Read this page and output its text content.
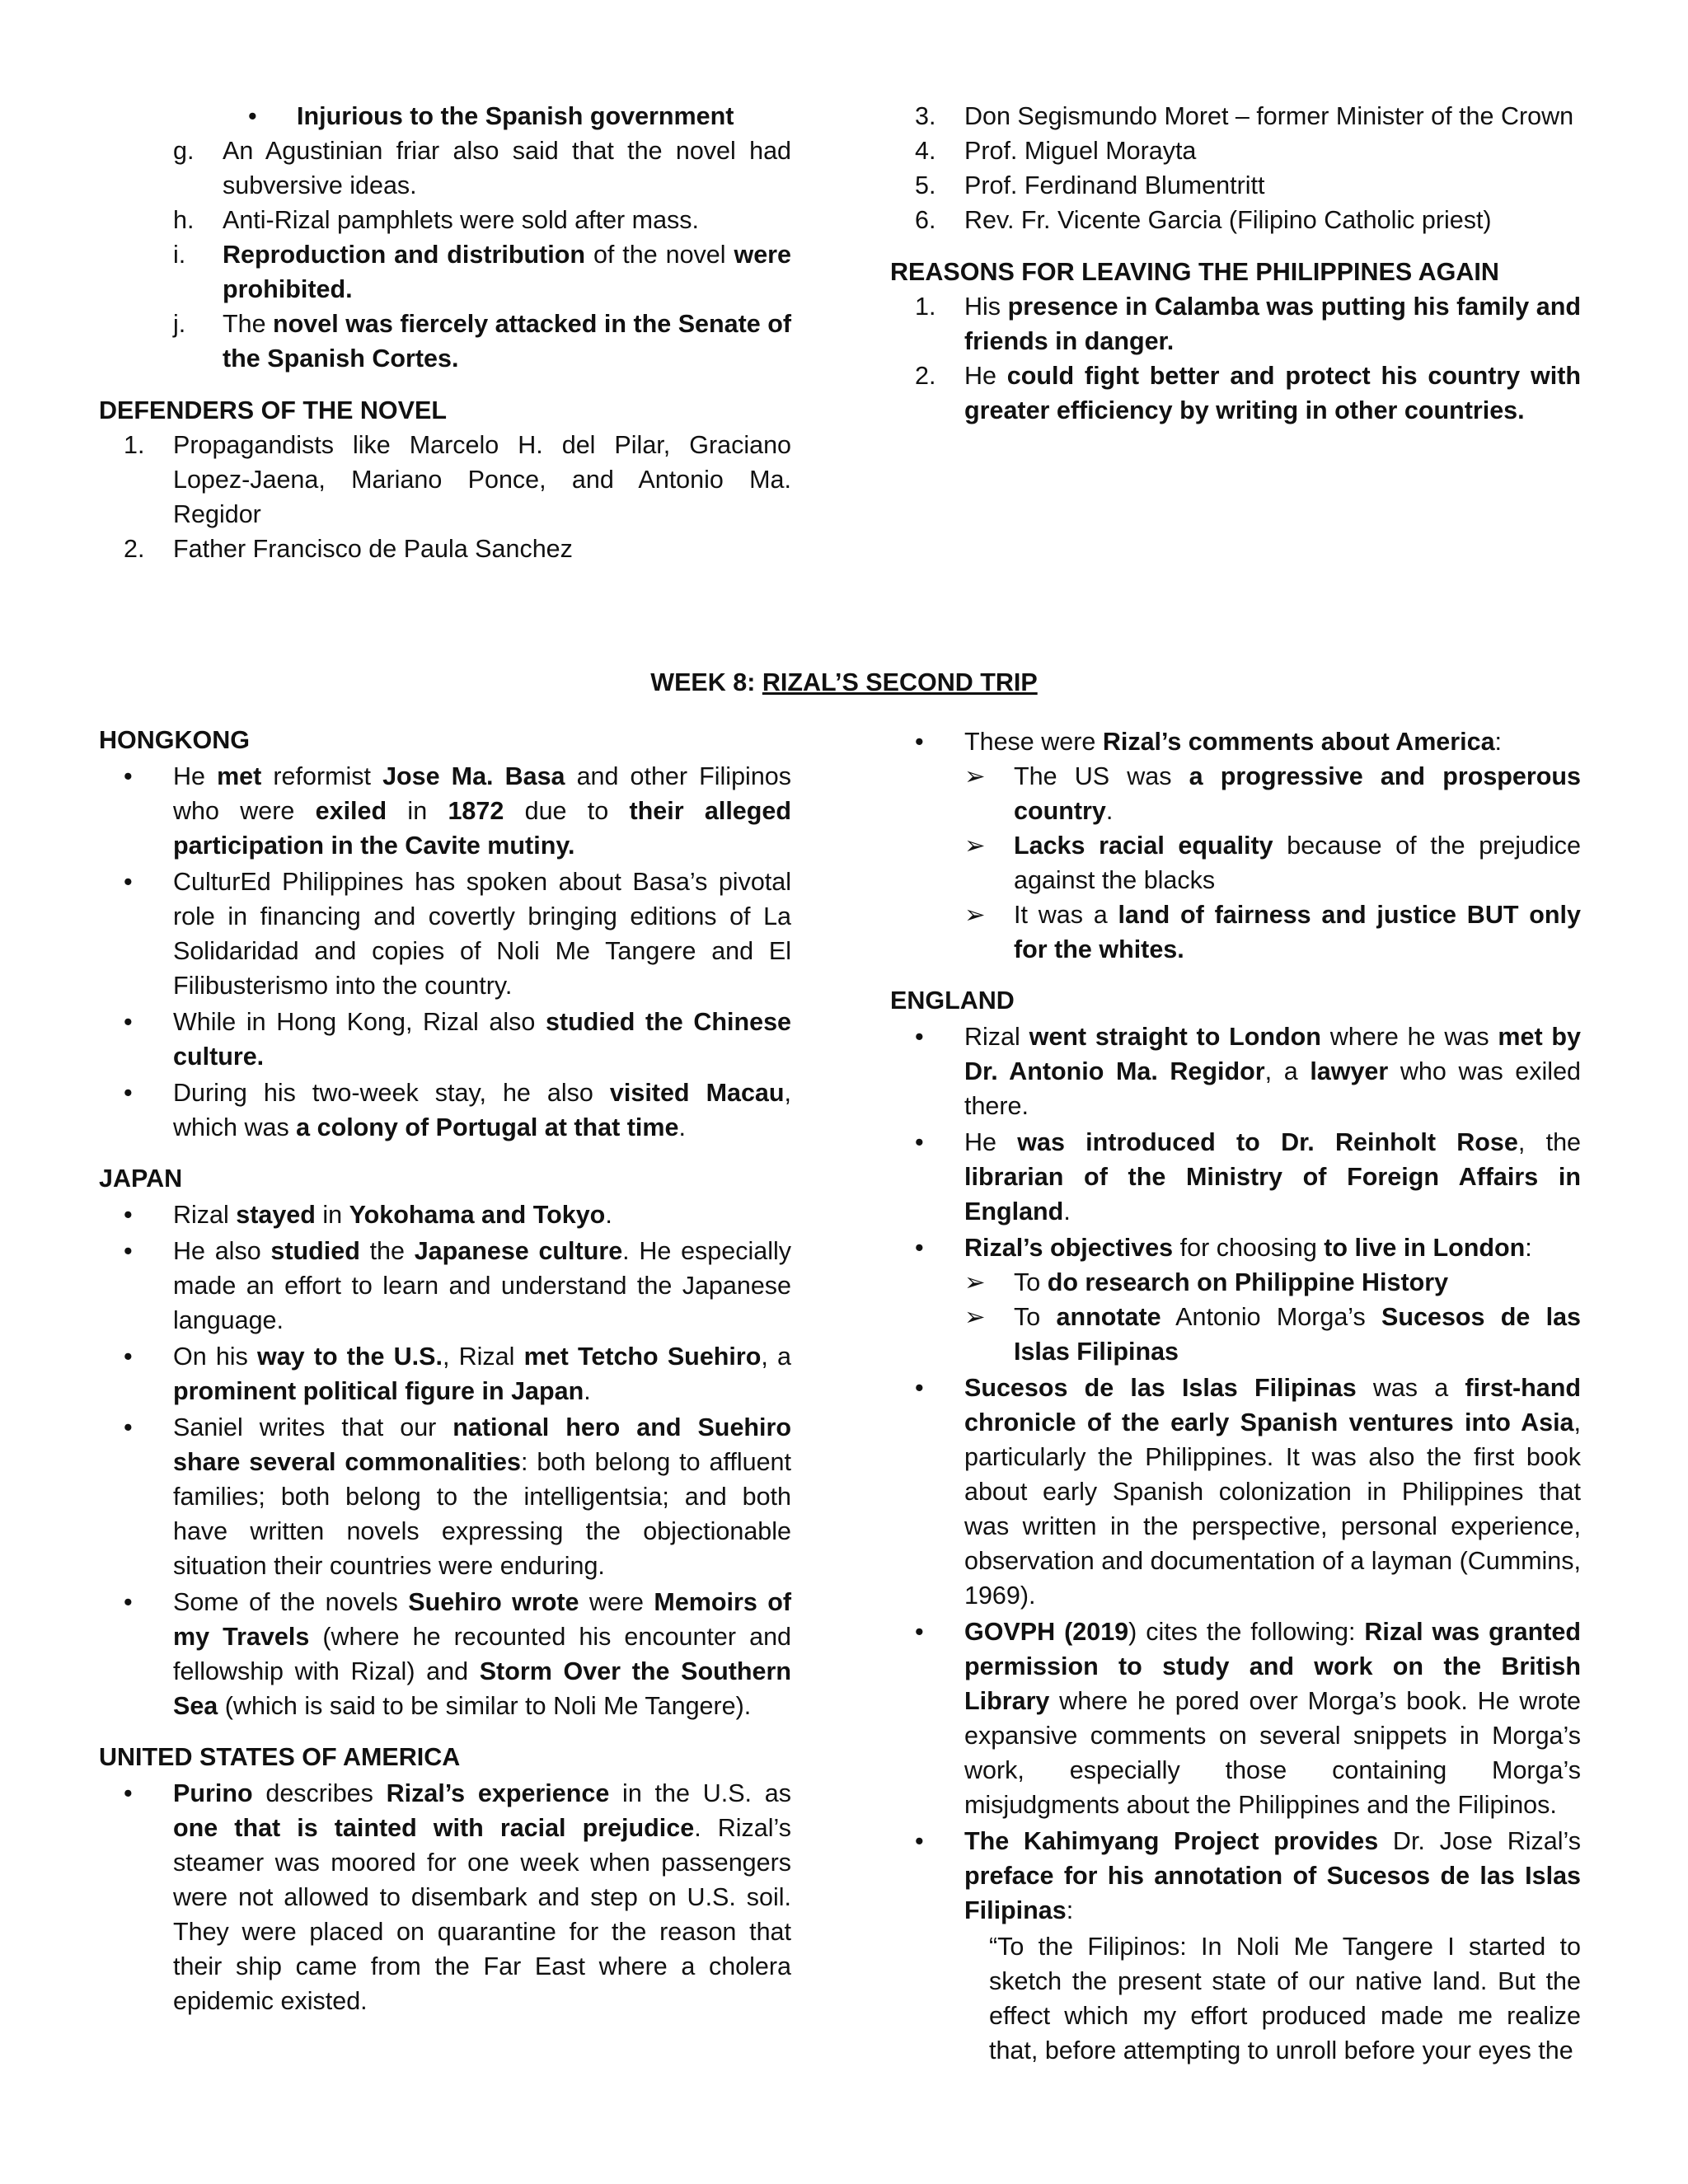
• Injurious to the Spanish government
g. An Agustinian friar also said that the novel had subversive ideas.
h. Anti-Rizal pamphlets were sold after mass.
i. Reproduction and distribution of the novel were prohibited.
j. The novel was fiercely attacked in the Senate of the Spanish Cortes.
DEFENDERS OF THE NOVEL
1. Propagandists like Marcelo H. del Pilar, Graciano Lopez-Jaena, Mariano Ponce, and Antonio Ma. Regidor
2. Father Francisco de Paula Sanchez
3. Don Segismundo Moret – former Minister of the Crown
4. Prof. Miguel Morayta
5. Prof. Ferdinand Blumentritt
6. Rev. Fr. Vicente Garcia (Filipino Catholic priest)
REASONS FOR LEAVING THE PHILIPPINES AGAIN
1. His presence in Calamba was putting his family and friends in danger.
2. He could fight better and protect his country with greater efficiency by writing in other countries.
WEEK 8: RIZAL’S SECOND TRIP
HONGKONG
• He met reformist Jose Ma. Basa and other Filipinos who were exiled in 1872 due to their alleged participation in the Cavite mutiny.
• CulturEd Philippines has spoken about Basa’s pivotal role in financing and covertly bringing editions of La Solidaridad and copies of Noli Me Tangere and El Filibusterismo into the country.
• While in Hong Kong, Rizal also studied the Chinese culture.
• During his two-week stay, he also visited Macau, which was a colony of Portugal at that time.
JAPAN
• Rizal stayed in Yokohama and Tokyo.
• He also studied the Japanese culture. He especially made an effort to learn and understand the Japanese language.
• On his way to the U.S., Rizal met Tetcho Suehiro, a prominent political figure in Japan.
• Saniel writes that our national hero and Suehiro share several commonalities: both belong to affluent families; both belong to the intelligentsia; and both have written novels expressing the objectionable situation their countries were enduring.
• Some of the novels Suehiro wrote were Memoirs of my Travels (where he recounted his encounter and fellowship with Rizal) and Storm Over the Southern Sea (which is said to be similar to Noli Me Tangere).
UNITED STATES OF AMERICA
• Purino describes Rizal’s experience in the U.S. as one that is tainted with racial prejudice. Rizal’s steamer was moored for one week when passengers were not allowed to disembark and step on U.S. soil. They were placed on quarantine for the reason that their ship came from the Far East where a cholera epidemic existed.
• These were Rizal’s comments about America:
➢ The US was a progressive and prosperous country.
➢ Lacks racial equality because of the prejudice against the blacks
➢ It was a land of fairness and justice BUT only for the whites.
ENGLAND
• Rizal went straight to London where he was met by Dr. Antonio Ma. Regidor, a lawyer who was exiled there.
• He was introduced to Dr. Reinholt Rose, the librarian of the Ministry of Foreign Affairs in England.
• Rizal’s objectives for choosing to live in London:
➢ To do research on Philippine History
➢ To annotate Antonio Morga’s Sucesos de las Islas Filipinas
• Sucesos de las Islas Filipinas was a first-hand chronicle of the early Spanish ventures into Asia, particularly the Philippines. It was also the first book about early Spanish colonization in Philippines that was written in the perspective, personal experience, observation and documentation of a layman (Cummins, 1969).
• GOVPH (2019) cites the following: Rizal was granted permission to study and work on the British Library where he pored over Morga’s book. He wrote expansive comments on several snippets in Morga’s work, especially those containing Morga’s misjudgments about the Philippines and the Filipinos.
• The Kahimyang Project provides Dr. Jose Rizal’s preface for his annotation of Sucesos de las Islas Filipinas:
“To the Filipinos: In Noli Me Tangere I started to sketch the present state of our native land. But the effect which my effort produced made me realize that, before attempting to unroll before your eyes the
